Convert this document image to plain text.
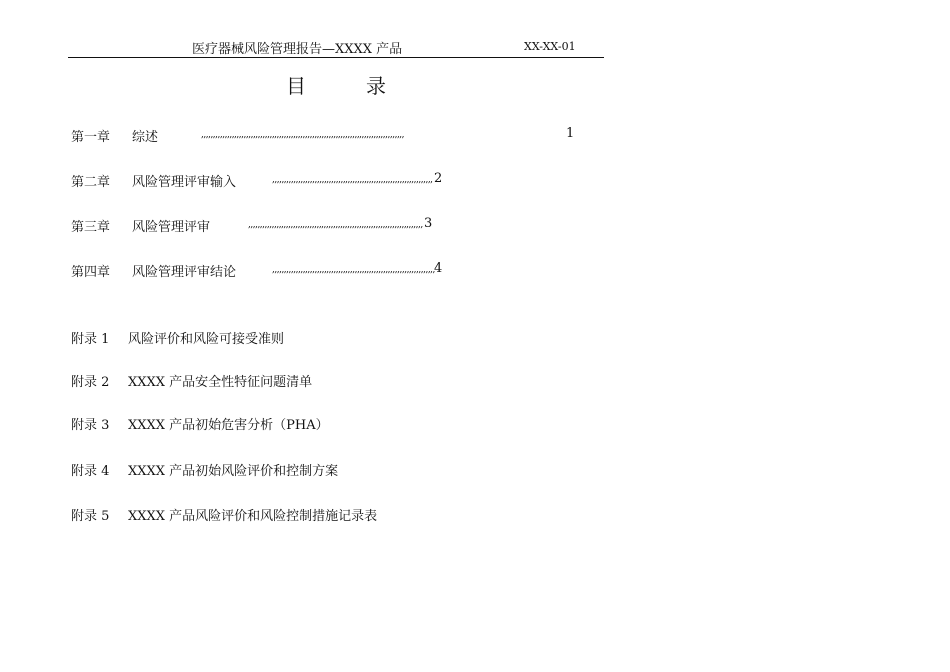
医疗器械风险管理报告—XXXX 产品	XX-XX-01
目	录
第一章 综述	,,,,,,,,,,,,,,,,,,,,,,,,,,,,,,,,,,,,,,,,,,,,,,,,,,,,,,,,,,,,,,,,,,,,,,,,,,,,,,,,,,,,,,	1
第二章 风险管理评审输入	,,,,,,,,,,,,,,,,,,,,,,,,,,,,,,,,,,,,,,,,,,,,,,,,,,,,,,,,,,,,,,,,,,,, 2
第三章 风险管理评审	,,,,,,,,,,,,,,,,,,,,,,,,,,,,,,,,,,,,,,,,,,,,,,,,,,,,,,,,,,,,,,,,,,,,,,,,,, 3
第四章 风险管理评审结论	,,,,,,,,,,,,,,,,,,,,,,,,,,,,,,,,,,,,,,,,,,,,,,,,,,,,,,,,,,,,,,,,,,,,, 4
附录 1 风险评价和风险可接受准则
附录 2 XXXX 产品安全性特征问题清单
附录 3 XXXX 产品初始危害分析（PHA）
附录 4 XXXX 产品初始风险评价和控制方案
附录 5 XXXX 产品风险评价和风险控制措施记录表
